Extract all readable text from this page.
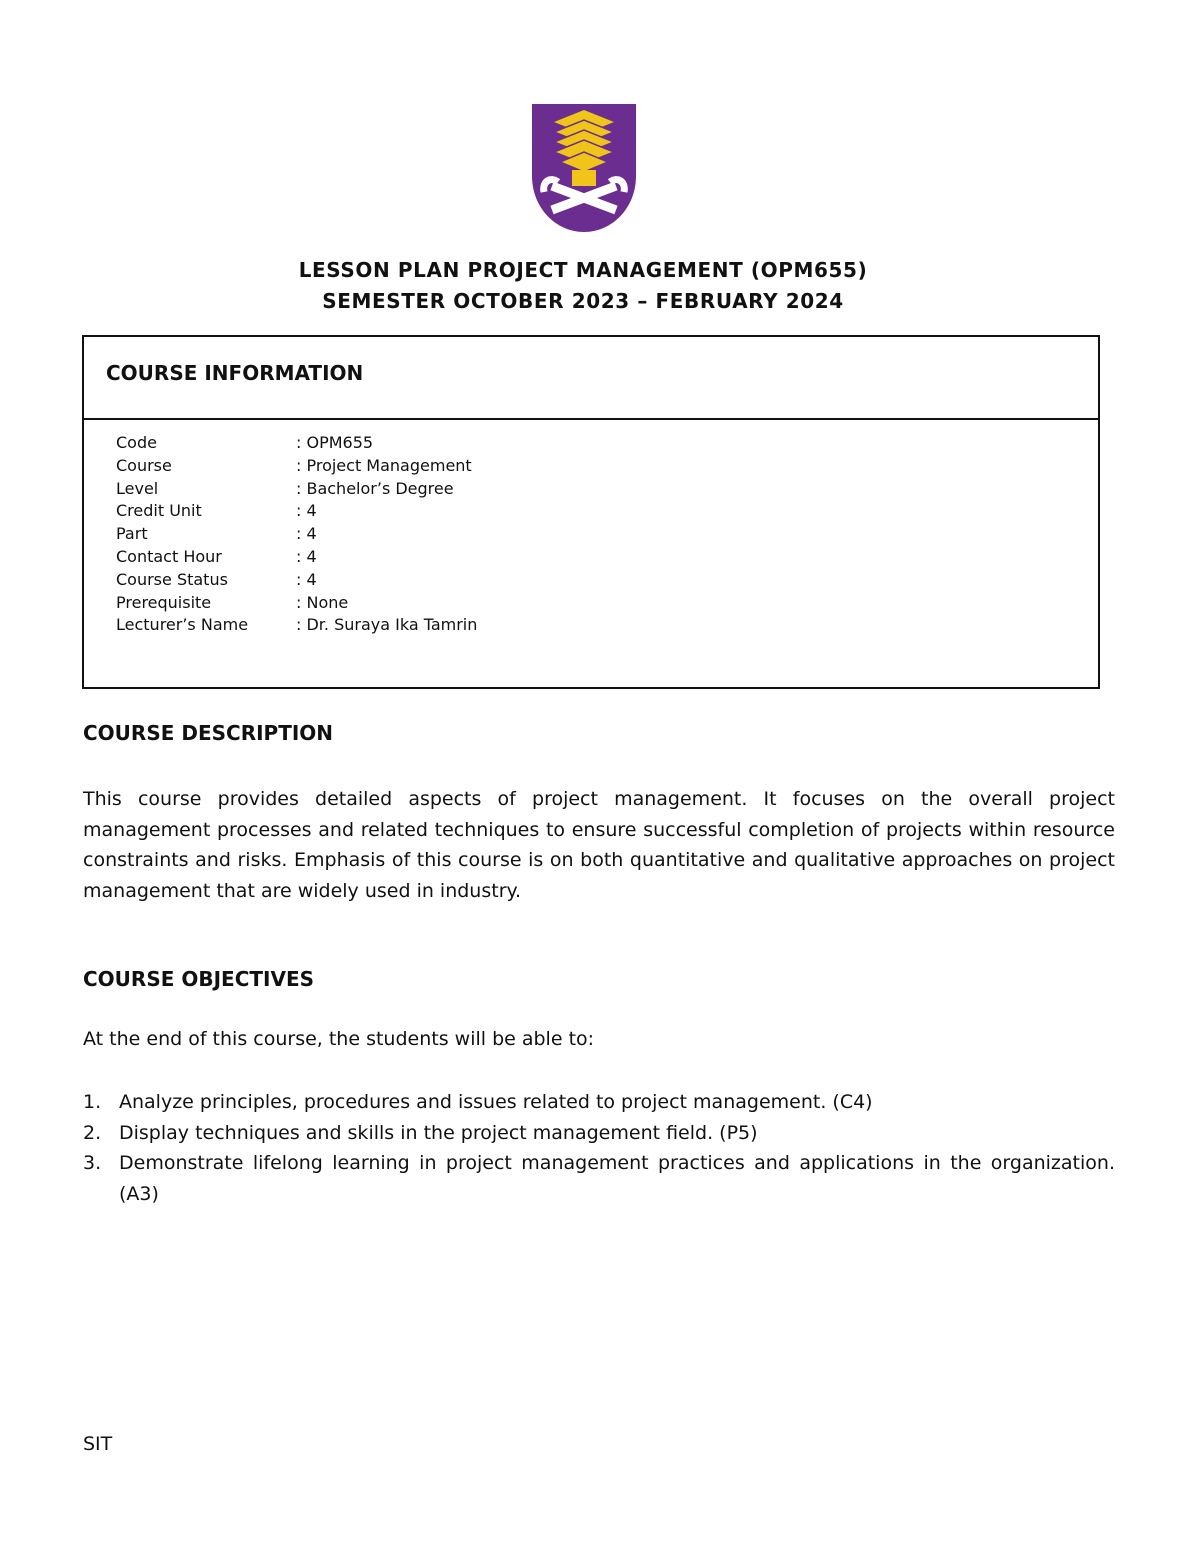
LESSON PLAN PROJECT MANAGEMENT (OPM655)
SEMESTER OCTOBER 2023 – FEBRUARY 2024
COURSE INFORMATION
Code	: OPM655
Course	: Project Management
Level	: Bachelor’s Degree
Credit Unit	: 4
Part	: 4
Contact Hour	: 4
Course Status	: 4
Prerequisite	: None
Lecturer’s Name	: Dr. Suraya Ika Tamrin
COURSE DESCRIPTION
This course provides detailed aspects of project management. It focuses on the overall project management processes and related techniques to ensure successful completion of projects within resource constraints and risks. Emphasis of this course is on both quantitative and qualitative approaches on project management that are widely used in industry.
COURSE OBJECTIVES
At the end of this course, the students will be able to:
1. Analyze principles, procedures and issues related to project management. (C4)
2. Display techniques and skills in the project management field. (P5)
3. Demonstrate lifelong learning in project management practices and applications in the organization. (A3)
SIT
